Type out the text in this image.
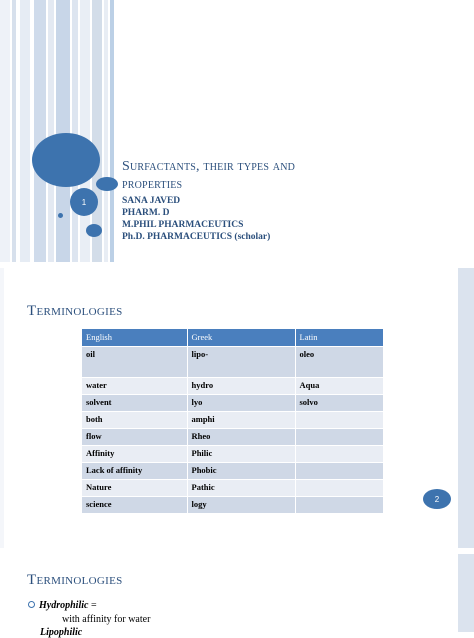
1
Surfactants, their types and
properties
SANA JAVED
PHARM. D
M.PHIL PHARMACEUTICS
Ph.D. PHARMACEUTICS (scholar)
Terminologies
English	Greek	Latin
oil	lipo-	oleo
water	hydro	Aqua
solvent	lyo	solvo
both	amphi	
flow	Rheo	
Affinity	Philic	
Lack of affinity	Phobic	
Nature	Pathic	
science	logy		2
Terminologies
Hydrophilic =
with affinity for water
Lipophilic
